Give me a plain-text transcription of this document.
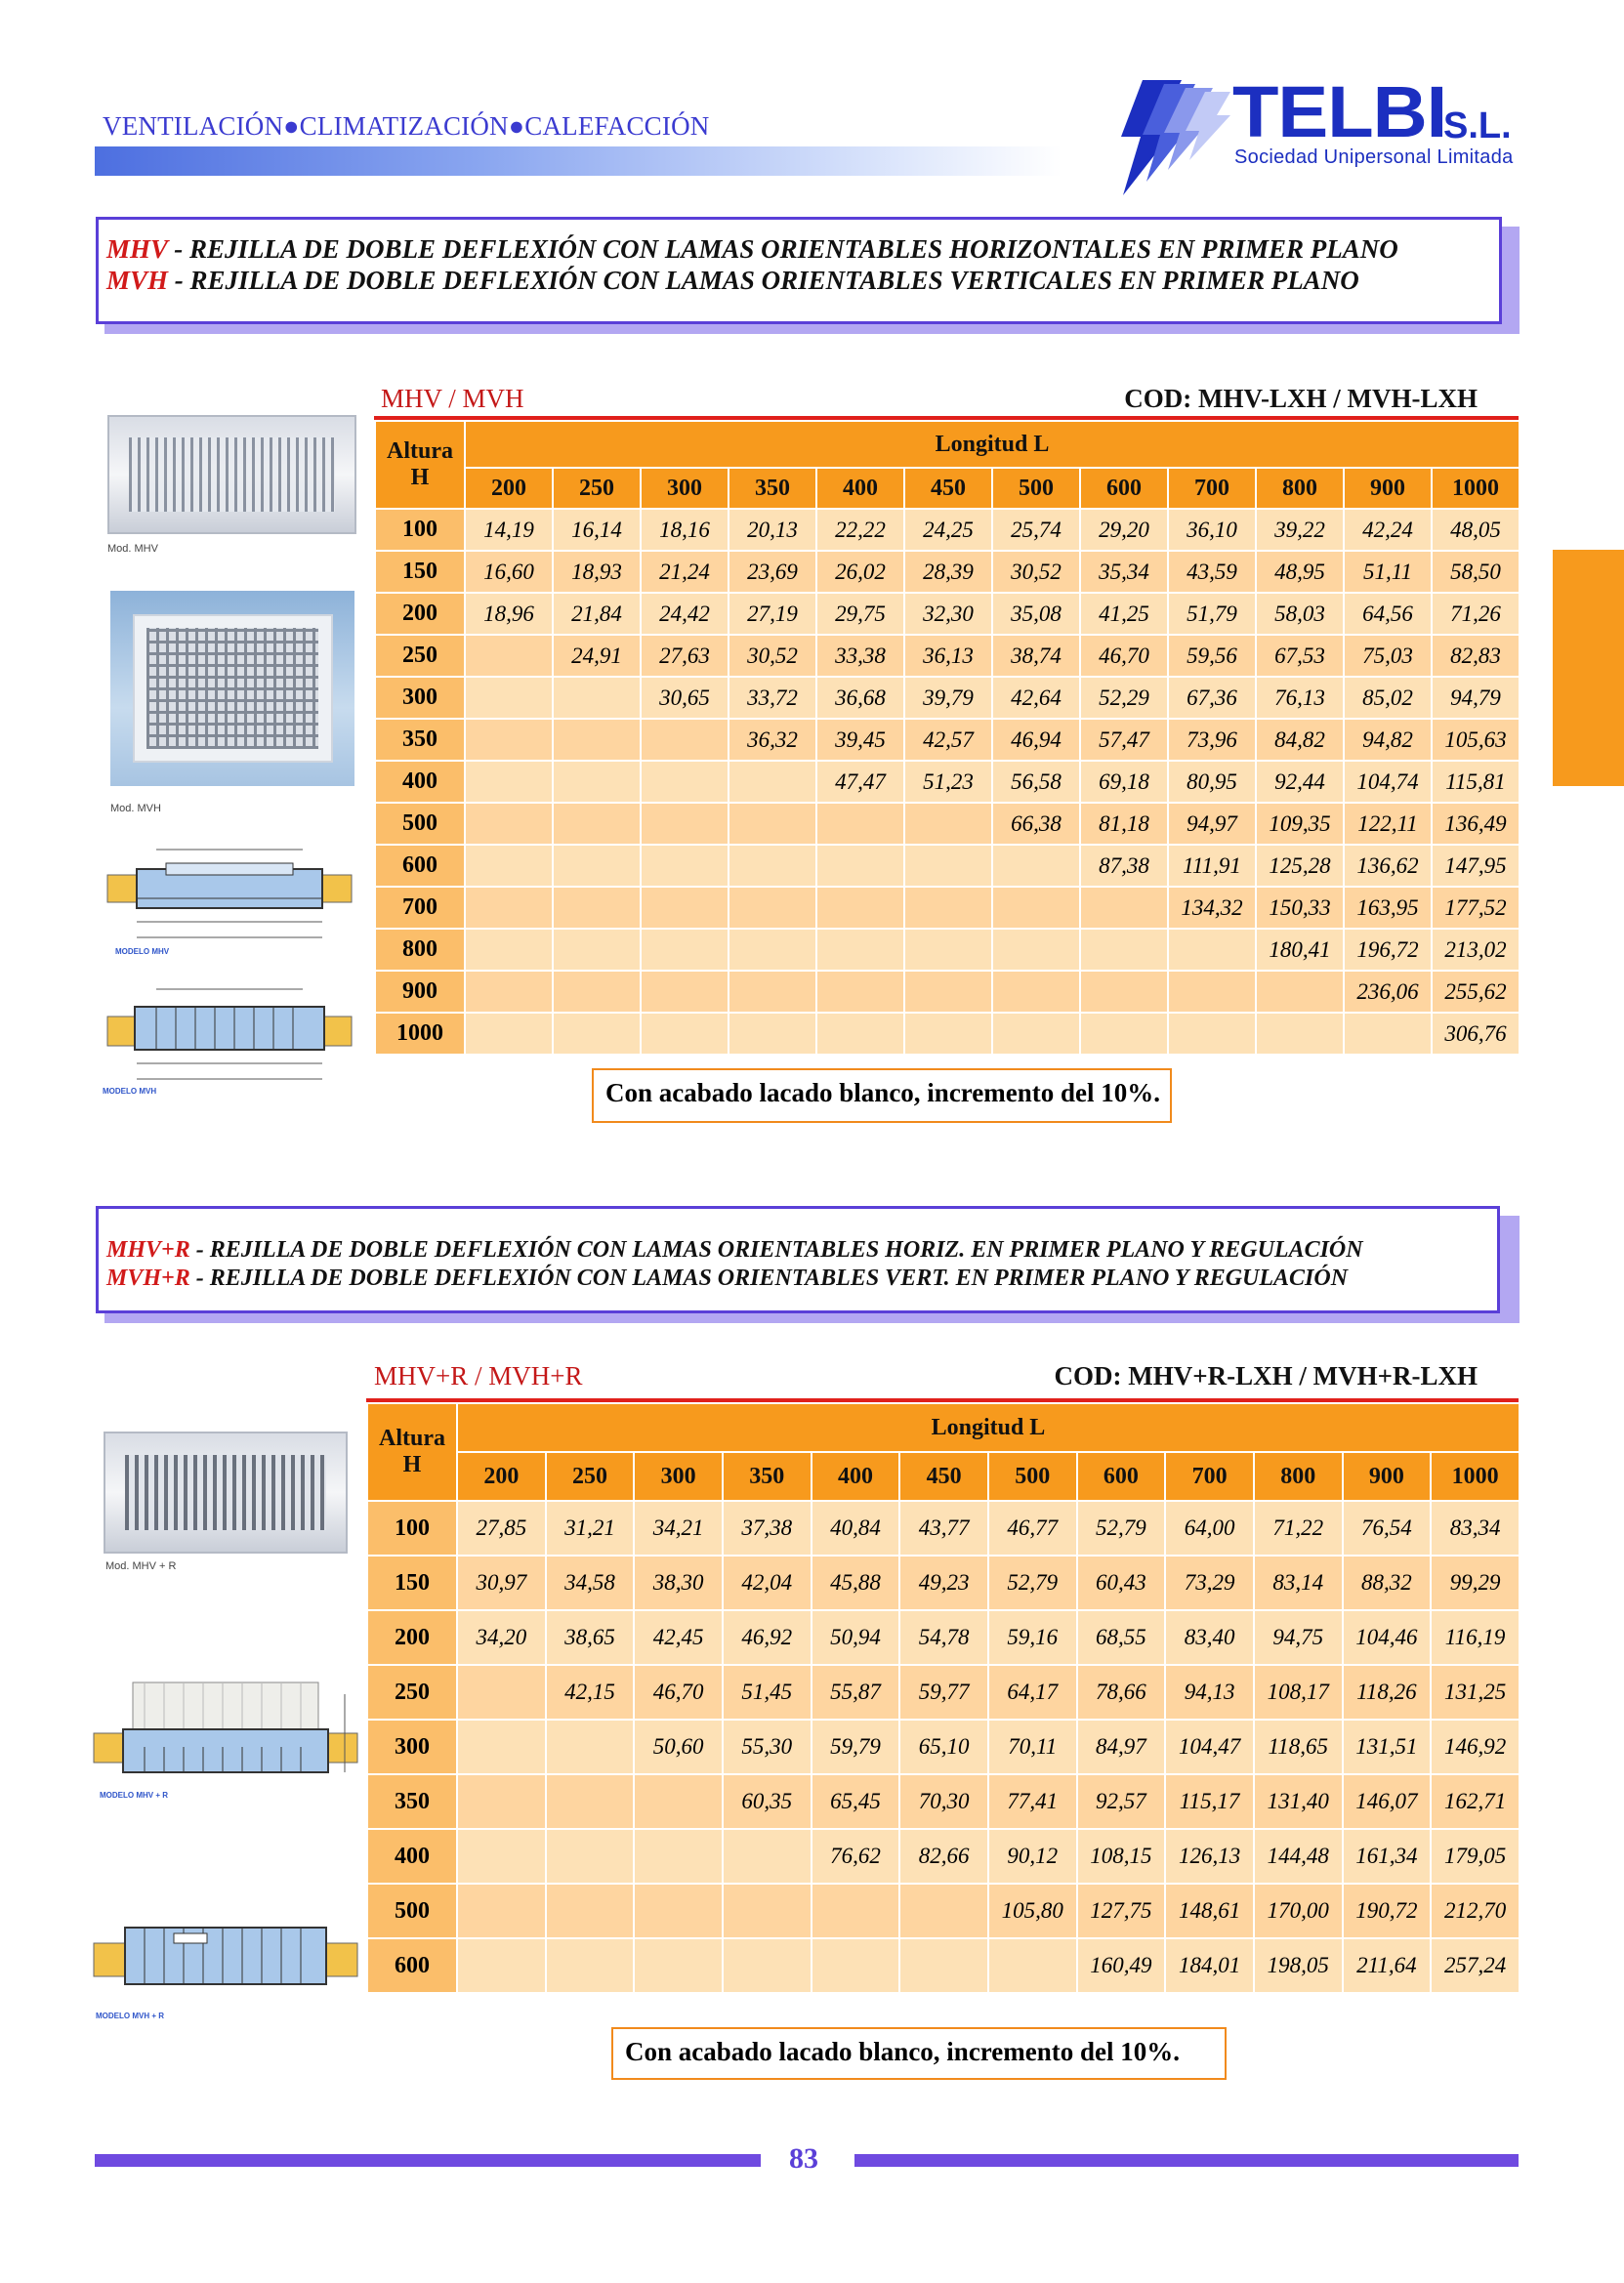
VENTILACIÓN●CLIMATIZACIÓN●CALEFACCIÓN	TELBI
S.L.
Sociedad Unipersonal Limitada
MHV - REJILLA DE DOBLE DEFLEXIÓN CON LAMAS ORIENTABLES HORIZONTALES EN PRIMER PLANO
MVH - REJILLA DE DOBLE DEFLEXIÓN CON LAMAS ORIENTABLES VERTICALES EN PRIMER PLANO
MHV / MVH	COD: MHV-LXH / MVH-LXH
Mod. MHV
Mod. MVH
MODELO MHV
MODELO MVH
Altura
H	Longitud L											
	200	250	300	350	400	450	500	600	700	800	900	1000
100	14,19	16,14	18,16	20,13	22,22	24,25	25,74	29,20	36,10	39,22	42,24	48,05
150	16,60	18,93	21,24	23,69	26,02	28,39	30,52	35,34	43,59	48,95	51,11	58,50
200	18,96	21,84	24,42	27,19	29,75	32,30	35,08	41,25	51,79	58,03	64,56	71,26
250		24,91	27,63	30,52	33,38	36,13	38,74	46,70	59,56	67,53	75,03	82,83
300			30,65	33,72	36,68	39,79	42,64	52,29	67,36	76,13	85,02	94,79
350				36,32	39,45	42,57	46,94	57,47	73,96	84,82	94,82	105,63
400					47,47	51,23	56,58	69,18	80,95	92,44	104,74	115,81
500							66,38	81,18	94,97	109,35	122,11	136,49
600								87,38	111,91	125,28	136,62	147,95
700									134,32	150,33	163,95	177,52
800										180,41	196,72	213,02
900											236,06	255,62
1000												306,76
Con acabado lacado blanco, incremento del 10%.
MHV+R - REJILLA DE DOBLE DEFLEXIÓN CON LAMAS ORIENTABLES HORIZ. EN PRIMER PLANO Y REGULACIÓN
MVH+R - REJILLA DE DOBLE DEFLEXIÓN CON LAMAS ORIENTABLES VERT. EN PRIMER PLANO Y REGULACIÓN
MHV+R / MVH+R	COD: MHV+R-LXH / MVH+R-LXH
Mod. MHV + R
MODELO MHV + R
MODELO MVH + R
Altura
H	Longitud L											
	200	250	300	350	400	450	500	600	700	800	900	1000
100	27,85	31,21	34,21	37,38	40,84	43,77	46,77	52,79	64,00	71,22	76,54	83,34
150	30,97	34,58	38,30	42,04	45,88	49,23	52,79	60,43	73,29	83,14	88,32	99,29
200	34,20	38,65	42,45	46,92	50,94	54,78	59,16	68,55	83,40	94,75	104,46	116,19
250		42,15	46,70	51,45	55,87	59,77	64,17	78,66	94,13	108,17	118,26	131,25
300			50,60	55,30	59,79	65,10	70,11	84,97	104,47	118,65	131,51	146,92
350				60,35	65,45	70,30	77,41	92,57	115,17	131,40	146,07	162,71
400					76,62	82,66	90,12	108,15	126,13	144,48	161,34	179,05
500							105,80	127,75	148,61	170,00	190,72	212,70
600								160,49	184,01	198,05	211,64	257,24
Con acabado lacado blanco, incremento del 10%.
83
